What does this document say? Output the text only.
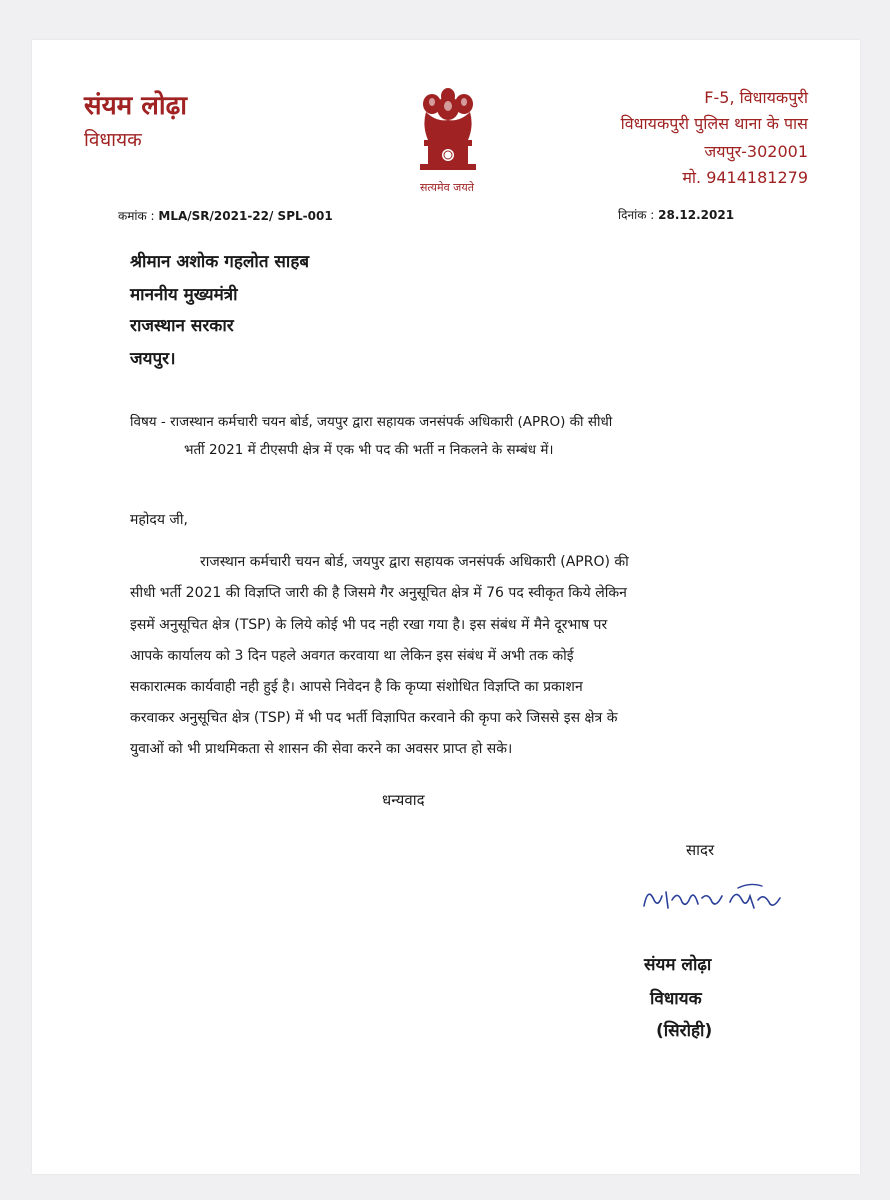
संयम लोढ़ा
विधायक
सत्यमेव जयते
F-5, विधायकपुरी
विधायकपुरी पुलिस थाना के पास
जयपुर-302001
मो. 9414181279
कमांक : MLA/SR/2021-22/ SPL-001	दिनांक : 28.12.2021
श्रीमान अशोक गहलोत साहब
माननीय मुख्यमंत्री
राजस्थान सरकार
जयपुर।
विषय - राजस्थान कर्मचारी चयन बोर्ड, जयपुर द्वारा सहायक जनसंपर्क अधिकारी (APRO) की सीधी
भर्ती 2021 में टीएसपी क्षेत्र में एक भी पद की भर्ती न निकलने के सम्बंध में।
महोदय जी,
राजस्थान कर्मचारी चयन बोर्ड, जयपुर द्वारा सहायक जनसंपर्क अधिकारी (APRO) की
सीधी भर्ती 2021 की विज्ञप्ति जारी की है जिसमे गैर अनुसूचित क्षेत्र में 76 पद स्वीकृत किये लेकिन
इसमें अनुसूचित क्षेत्र (TSP) के लिये कोई भी पद नही रखा गया है। इस संबंध में मैने दूरभाष पर
आपके कार्यालय को 3 दिन पहले अवगत करवाया था लेकिन इस संबंध में अभी तक कोई
सकारात्मक कार्यवाही नही हुई है। आपसे निवेदन है कि कृप्या संशोधित विज्ञप्ति का प्रकाशन
करवाकर अनुसूचित क्षेत्र (TSP) में भी पद भर्ती विज्ञापित करवाने की कृपा करे जिससे इस क्षेत्र के
युवाओं को भी प्राथमिकता से शासन की सेवा करने का अवसर प्राप्त हो सके।
धन्यवाद
सादर
संयम लोढ़ा
विधायक
(सिरोही)
